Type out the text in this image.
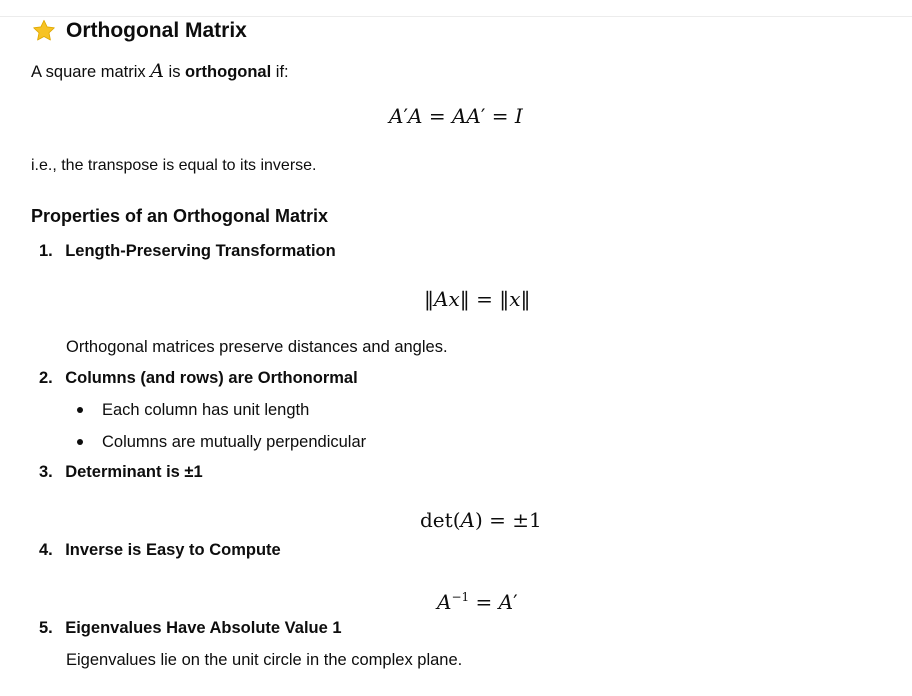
Orthogonal Matrix
A square matrix A is orthogonal if:
A′A = AA′ = I
i.e., the transpose is equal to its inverse.
Properties of an Orthogonal Matrix
1. Length-Preserving Transformation
‖Ax‖ = ‖x‖
Orthogonal matrices preserve distances and angles.
2. Columns (and rows) are Orthonormal
Each column has unit length
Columns are mutually perpendicular
3. Determinant is ±1
det(A) = ±1
4. Inverse is Easy to Compute
$A^{-1} = A'$
5. Eigenvalues Have Absolute Value 1
Eigenvalues lie on the unit circle in the complex plane.
